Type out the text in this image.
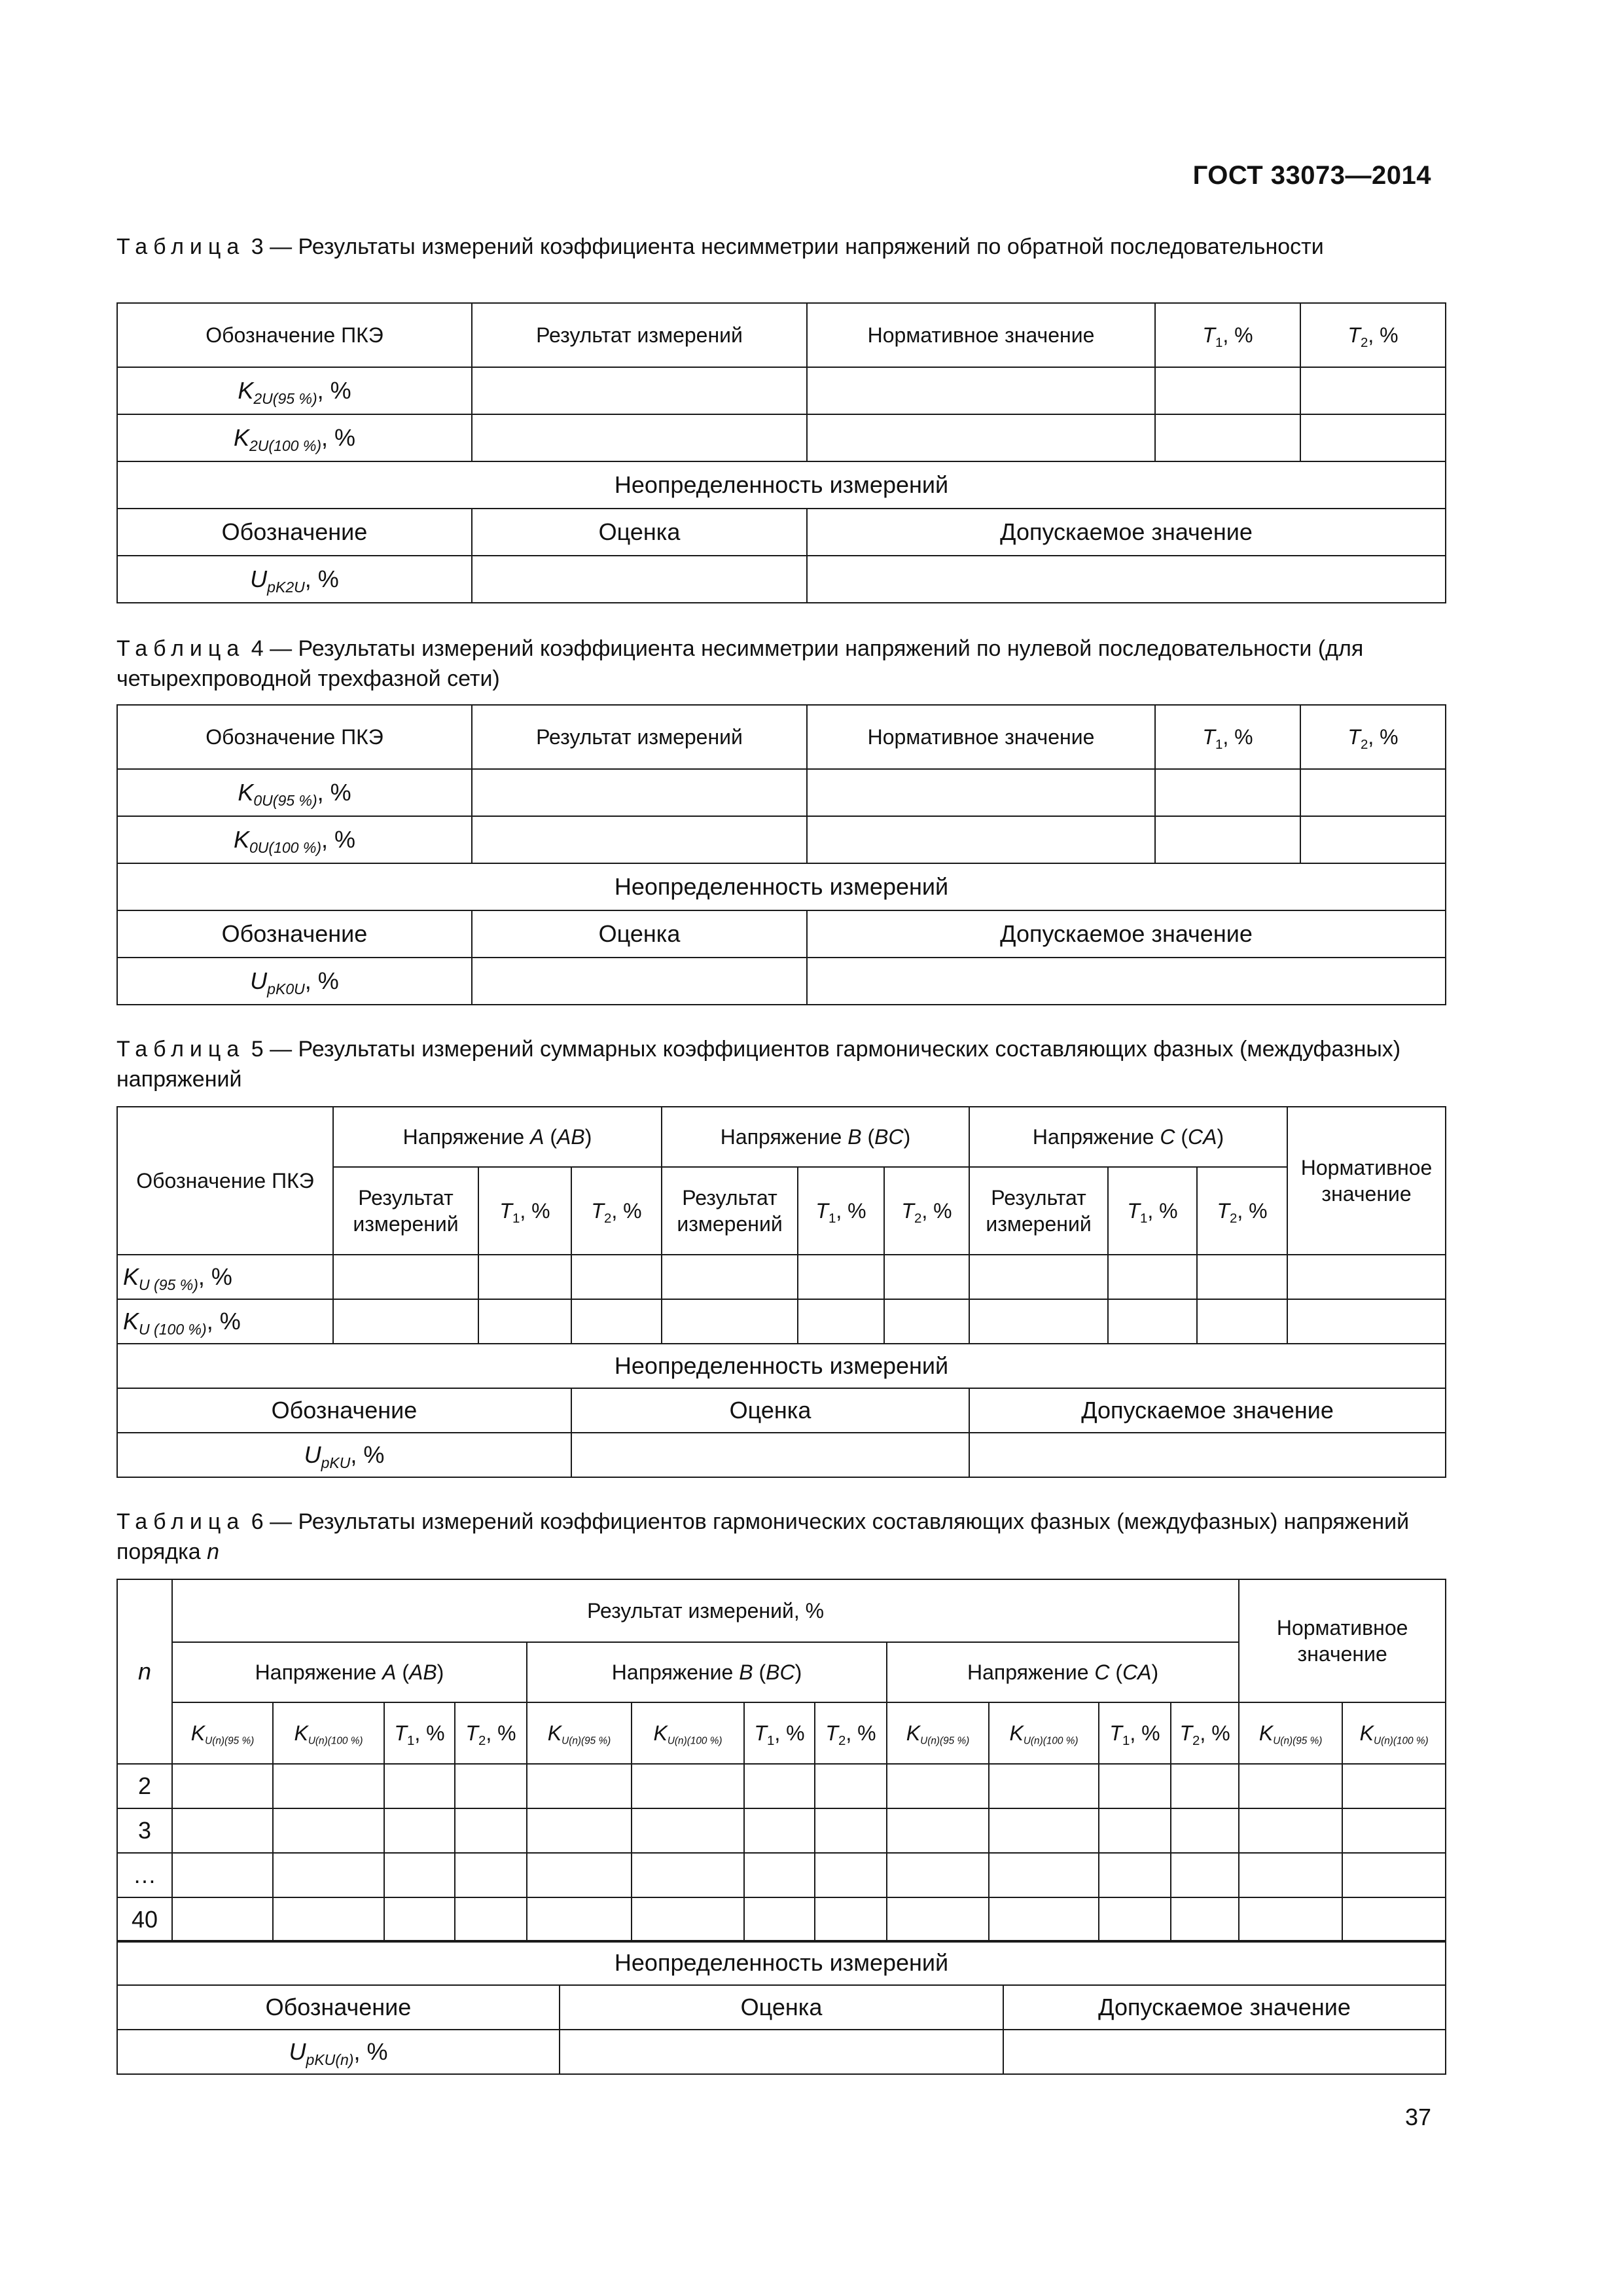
ГОСТ 33073—2014
Таблица 3 — Результаты измерений коэффициента несимметрии напряжений по обратной последовательности
Обозначение ПКЭ	Результат измерений	Нормативное значение	$T_1$, %	$T_2$, %
$K_{2U(95 \%)}$, %				
$K_{2U(100 \%)}$, %				
Неопределенность измерений				
Обозначение	Оценка	Допускаемое значение		
$U_{pK2U}$, %				
Таблица 4 — Результаты измерений коэффициента несимметрии напряжений по нулевой последовательности (для четырехпроводной трехфазной сети)
Обозначение ПКЭ	Результат измерений	Нормативное значение	$T_1$, %	$T_2$, %
$K_{0U(95 \%)}$, %				
$K_{0U(100 \%)}$, %				
Неопределенность измерений				
Обозначение	Оценка	Допускаемое значение		
$U_{pK0U}$, %				
Таблица 5 — Результаты измерений суммарных коэффициентов гармонических составляющих фазных (междуфазных) напряжений
Обозначение ПКЭ	Напряжение A (AB)			Напряжение B (BC)			Напряжение C (CA)			Нормативное значение
	Результат измерений	$T_1$, %	$T_2$, %	Результат измерений	$T_1$, %	$T_2$, %	Результат измерений	$T_1$, %	$T_2$, %	
$K_{U (95 \%)}$, %										
$K_{U (100 \%)}$, %										
Неопределенность измерений										
Обозначение			Оценка				Допускаемое значение			
$U_{pKU}$, %										
Таблица 6 — Результаты измерений коэффициентов гармонических составляющих фазных (междуфазных) напряжений порядка n
n	Результат измерений, %												Нормативное значение	
	Напряжение A (AB)				Напряжение B (BC)				Напряжение C (CA)					
	$K_{U(n)(95 \%)}$	$K_{U(n)(100 \%)}$	$T_1$, %	$T_2$, %	$K_{U(n)(95 \%)}$	$K_{U(n)(100 \%)}$	$T_1$, %	$T_2$, %	$K_{U(n)(95 \%)}$	$K_{U(n)(100 \%)}$	$T_1$, %	$T_2$, %	$K_{U(n)(95 \%)}$	$K_{U(n)(100 \%)}$
2														
3														
…														
40														
Неопределенность измерений		
Обозначение	Оценка	Допускаемое значение
$U_{pKU(n)}$, %		
37
